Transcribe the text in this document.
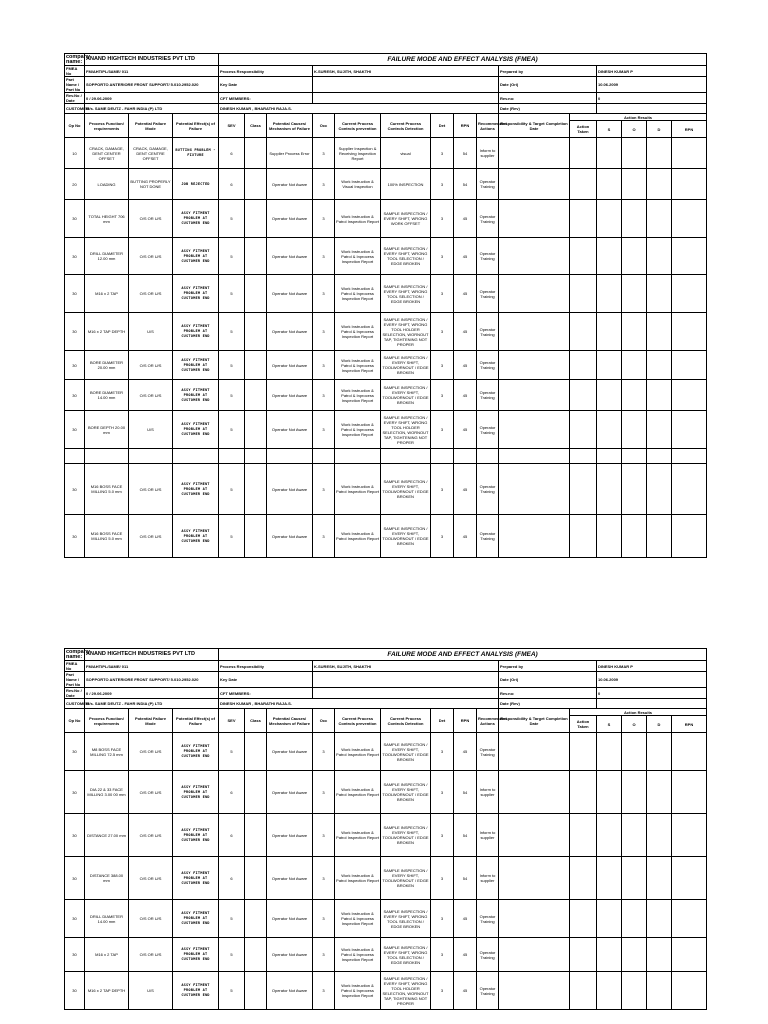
company name:	ANAND HIGHTECH INDUSTRIES PVT LTD			FAILURE MODE AND EFFECT ANALYSIS (FMEA)														
FMEA No	FM/AHTIPL/3AME/ 011			Process Responsibility			K.SURESH, SUJITH, SHAKTHI						Prepared by		DINESH KUMAR P			
Part Name / Part No	SOPPORTO ANTERIORE FRONT SUPPORT/ 5.010.2952.020			Key Date									Date (Ori)		10.06.2009			
Rev.No / Date	0 / 29.06.2009			CFT MEMBERS:									Rev.no:		0			
CUSTOMER	M/s. SAME DEUTZ - FAHR INDIA (P) LTD			DINESH KUMAR , BHARATHI RAJA.S.									Date (Rev)					
Op No	Process Function/ requirements	Potential Failure Mode	Potential Effect(s) of Failure	SEV	Class	Potential Causes/ Mechanism of Failure	Occ	Current Process Controls prevention	Current Process Controls Detection	Det	RPN	Recommended Actions	Responsibility & Target Completion Date	Action Results				
														Action Taken	S	O	D	RPN
10	CRACK, DAMAGE, DENT CENTER OFFSET	CRACK, DAMAGE, DENT CENTRE OFFSET	BUTTING PROBLEM - FIXTURE	6		Supplier Process Error	3	Supplier Inspection & Receiving Inspection Report	visual	3	54	Inform to supplier						
20	LOADING	BUTTING PROPERLY NOT DONE	JOB REJECTED	6		Operator Not Aware	3	Work Instruction & Visual Inspection	100% INSPECTION	3	54	Operator Training						
30	TOTAL HEIGHT 706 mm	O/S OR U/S	ASSY FITMENT PROBLEM AT CUSTOMER END	5		Operator Not Aware	3	Work Instruction & Patrol Inspection Report	SAMPLE INSPECTION / EVERY SHIFT, WRONG WORK OFFSET	3	45	Operator Training						
30	DRILL DIAMETER 12.00 mm	O/S OR U/S	ASSY FITMENT PROBLEM AT CUSTOMER END	5		Operator Not Aware	3	Work Instruction & Patrol & Inprocess Inspection Report	SAMPLE INSPECTION / EVERY SHIFT, WRONG TOOL SELECTION / EDGE BROKEN	3	45	Operator Training						
30	M16 x 2 TAP	O/S OR U/S	ASSY FITMENT PROBLEM AT CUSTOMER END	5		Operator Not Aware	3	Work Instruction & Patrol & Inprocess Inspection Report	SAMPLE INSPECTION / EVERY SHIFT, WRONG TOOL SELECTION / EDGE BROKEN	3	45	Operator Training						
30	M16 x 2 TAP DEPTH	U/S	ASSY FITMENT PROBLEM AT CUSTOMER END	5		Operator Not Aware	3	Work Instruction & Patrol & Inprocess Inspection Report	SAMPLE INSPECTION / EVERY SHIFT, WRONG TOOL HOLDER SELECTION, WORNOUT TAP, TIGHTENING NOT PROPER	3	45	Operator Training						
30	BORE DIAMETER 20.00 mm	O/S OR U/S	ASSY FITMENT PROBLEM AT CUSTOMER END	5		Operator Not Aware	3	Work Instruction & Patrol & Inprocess Inspection Report	SAMPLE INSPECTION / EVERY SHIFT, TOOLWORNOUT / EDGE BROKEN	3	45	Operator Training						
30	BORE DIAMETER 14.00 mm	O/S OR U/S	ASSY FITMENT PROBLEM AT CUSTOMER END	5		Operator Not Aware	3	Work Instruction & Patrol & Inprocess Inspection Report	SAMPLE INSPECTION / EVERY SHIFT, TOOLWORNOUT / EDGE BROKEN	3	45	Operator Training						
30	BORE DEPTH 20.00 mm	U/S	ASSY FITMENT PROBLEM AT CUSTOMER END	5		Operator Not Aware	3	Work Instruction & Patrol & Inprocess Inspection Report	SAMPLE INSPECTION / EVERY SHIFT, WRONG TOOL HOLDER SELECTION, WORNOUT TAP, TIGHTENING NOT PROPER	3	45	Operator Training						

30	M16 BOSS FACE MILLING 5.0 mm	O/S OR U/S	ASSY FITMENT PROBLEM AT CUSTOMER END	5		Operator Not Aware	3	Work Instruction & Patrol Inspection Report	SAMPLE INSPECTION / EVERY SHIFT, TOOLWORNOUT / EDGE BROKEN	3	45	Operator Training						
30	M16 BOSS FACE MILLING 5.0 mm	O/S OR U/S	ASSY FITMENT PROBLEM AT CUSTOMER END	5		Operator Not Aware	3	Work Instruction & Patrol Inspection Report	SAMPLE INSPECTION / EVERY SHIFT, TOOLWORNOUT / EDGE BROKEN	3	45	Operator Training						
company name:	ANAND HIGHTECH INDUSTRIES PVT LTD			FAILURE MODE AND EFFECT ANALYSIS (FMEA)														
FMEA No	FM/AHTIPL/3AME/ 011			Process Responsibility			K.SURESH, SUJITH, SHAKTHI						Prepared by		DINESH KUMAR P			
Part Name / Part No	SOPPORTO ANTERIORE FRONT SUPPORT/ 5.010.2952.020			Key Date									Date (Ori)		10.06.2009			
Rev.No / Date	0 / 29.06.2009			CFT MEMBERS:									Rev.no:		0			
CUSTOMER	M/s. SAME DEUTZ - FAHR INDIA (P) LTD			DINESH KUMAR , BHARATHI RAJA.S.									Date (Rev)					
Op No	Process Function/ requirements	Potential Failure Mode	Potential Effect(s) of Failure	SEV	Class	Potential Causes/ Mechanism of Failure	Occ	Current Process Controls prevention	Current Process Controls Detection	Det	RPN	Recommended Actions	Responsibility & Target Completion Date	Action Results				
														Action Taken	S	O	D	RPN
30	M8 BOSS FACE MILLING 72.5 mm	O/S OR U/S	ASSY FITMENT PROBLEM AT CUSTOMER END	5		Operator Not Aware	3	Work Instruction & Patrol Inspection Report	SAMPLE INSPECTION / EVERY SHIFT, TOOLWORNOUT / EDGE BROKEN	3	45	Operator Training						
30	DIA 22 & 33 FACE MILLING 3.00 00 mm	O/S OR U/S	ASSY FITMENT PROBLEM AT CUSTOMER END	6		Operator Not Aware	3	Work Instruction & Patrol Inspection Report	SAMPLE INSPECTION / EVERY SHIFT, TOOLWORNOUT / EDGE BROKEN	3	54	Inform to supplier						
30	DISTANCE 27.00 mm	O/S OR U/S	ASSY FITMENT PROBLEM AT CUSTOMER END	6		Operator Not Aware	3	Work Instruction & Patrol Inspection Report	SAMPLE INSPECTION / EVERY SHIFT, TOOLWORNOUT / EDGE BROKEN	3	54	Inform to supplier						
30	DISTANCE 388.00 mm	O/S OR U/S	ASSY FITMENT PROBLEM AT CUSTOMER END	6		Operator Not Aware	3	Work Instruction & Patrol Inspection Report	SAMPLE INSPECTION / EVERY SHIFT, TOOLWORNOUT / EDGE BROKEN	3	54	Inform to supplier						
30	DRILL DIAMETER 14.00 mm	O/S OR U/S	ASSY FITMENT PROBLEM AT CUSTOMER END	5		Operator Not Aware	3	Work Instruction & Patrol & Inprocess Inspection Report	SAMPLE INSPECTION / EVERY SHIFT, WRONG TOOL SELECTION / EDGE BROKEN	3	45	Operator Training						
30	M16 x 2 TAP	O/S OR U/S	ASSY FITMENT PROBLEM AT CUSTOMER END	5		Operator Not Aware	3	Work Instruction & Patrol & Inprocess Inspection Report	SAMPLE INSPECTION / EVERY SHIFT, WRONG TOOL SELECTION / EDGE BROKEN	3	45	Operator Training						
30	M16 x 2 TAP DEPTH	U/S	ASSY FITMENT PROBLEM AT CUSTOMER END	5		Operator Not Aware	3	Work Instruction & Patrol & Inprocess Inspection Report	SAMPLE INSPECTION / EVERY SHIFT, WRONG TOOL HOLDER SELECTION, WORNOUT TAP, TIGHTENING NOT PROPER	3	45	Operator Training						
